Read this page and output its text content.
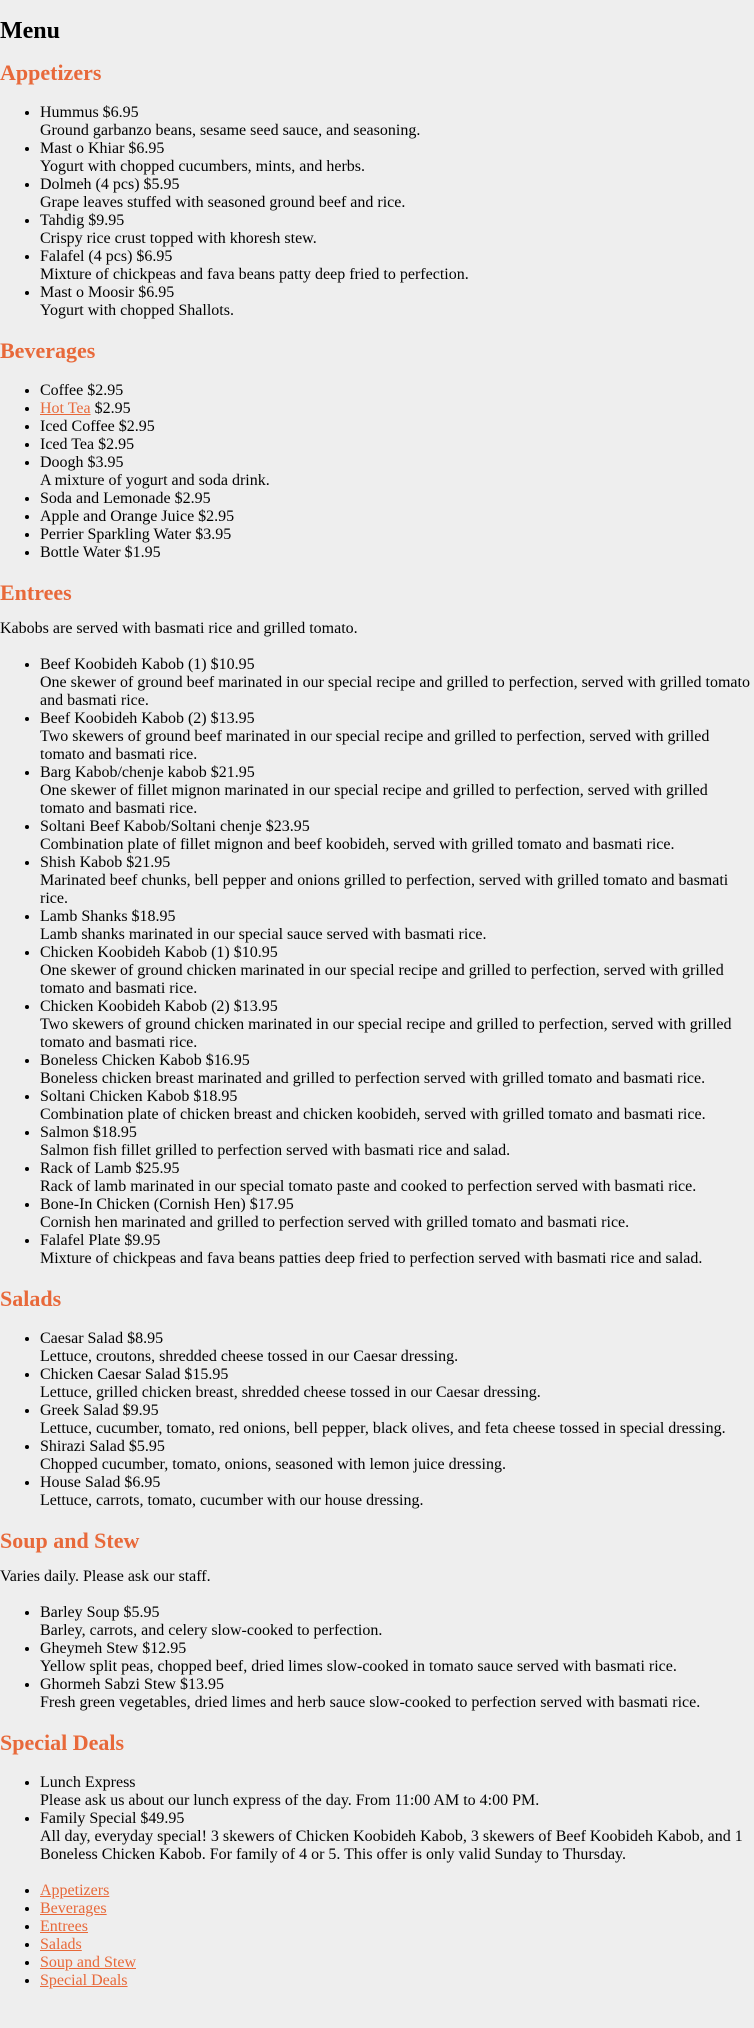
Menu
Appetizers
• Hummus $6.95
Ground garbanzo beans, sesame seed sauce, and seasoning.
• Mast o Khiar $6.95
Yogurt with chopped cucumbers, mints, and herbs.
• Dolmeh (4 pcs) $5.95
Grape leaves stuffed with seasoned ground beef and rice.
• Tahdig $9.95
Crispy rice crust topped with khoresh stew.
• Falafel (4 pcs) $6.95
Mixture of chickpeas and fava beans patty deep fried to perfection.
• Mast o Moosir $6.95
Yogurt with chopped Shallots.
Beverages
• Coffee $2.95
• Hot Tea $2.95
• Iced Coffee $2.95
• Iced Tea $2.95
• Doogh $3.95
A mixture of yogurt and soda drink.
• Soda and Lemonade $2.95
• Apple and Orange Juice $2.95
• Perrier Sparkling Water $3.95
• Bottle Water $1.95
Entrees

Kabobs are served with basmati rice and grilled tomato.

• Beef Koobideh Kabob (1) $10.95
One skewer of ground beef marinated in our special recipe and grilled to perfection, served with grilled tomato and basmati rice.
• Beef Koobideh Kabob (2) $13.95
Two skewers of ground beef marinated in our special recipe and grilled to perfection, served with grilled tomato and basmati rice.
• Barg Kabob/chenje kabob $21.95
One skewer of fillet mignon marinated in our special recipe and grilled to perfection, served with grilled tomato and basmati rice.
• Soltani Beef Kabob/Soltani chenje $23.95
Combination plate of fillet mignon and beef koobideh, served with grilled tomato and basmati rice.
• Shish Kabob $21.95
Marinated beef chunks, bell pepper and onions grilled to perfection, served with grilled tomato and basmati rice.
• Lamb Shanks $18.95
Lamb shanks marinated in our special sauce served with basmati rice.
• Chicken Koobideh Kabob (1) $10.95
One skewer of ground chicken marinated in our special recipe and grilled to perfection, served with grilled tomato and basmati rice.
• Chicken Koobideh Kabob (2) $13.95
Two skewers of ground chicken marinated in our special recipe and grilled to perfection, served with grilled tomato and basmati rice.
• Boneless Chicken Kabob $16.95
Boneless chicken breast marinated and grilled to perfection served with grilled tomato and basmati rice.
• Soltani Chicken Kabob $18.95
Combination plate of chicken breast and chicken koobideh, served with grilled tomato and basmati rice.
• Salmon $18.95
Salmon fish fillet grilled to perfection served with basmati rice and salad.
• Rack of Lamb $25.95
Rack of lamb marinated in our special tomato paste and cooked to perfection served with basmati rice.
• Bone-In Chicken (Cornish Hen) $17.95
Cornish hen marinated and grilled to perfection served with grilled tomato and basmati rice.
• Falafel Plate $9.95
Mixture of chickpeas and fava beans patties deep fried to perfection served with basmati rice and salad.
Salads
• Caesar Salad $8.95
Lettuce, croutons, shredded cheese tossed in our Caesar dressing.
• Chicken Caesar Salad $15.95
Lettuce, grilled chicken breast, shredded cheese tossed in our Caesar dressing.
• Greek Salad $9.95
Lettuce, cucumber, tomato, red onions, bell pepper, black olives, and feta cheese tossed in special dressing.
• Shirazi Salad $5.95
Chopped cucumber, tomato, onions, seasoned with lemon juice dressing.
• House Salad $6.95
Lettuce, carrots, tomato, cucumber with our house dressing.
Soup and Stew

Varies daily. Please ask our staff.

• Barley Soup $5.95
Barley, carrots, and celery slow-cooked to perfection.
• Gheymeh Stew $12.95
Yellow split peas, chopped beef, dried limes slow-cooked in tomato sauce served with basmati rice.
• Ghormeh Sabzi Stew $13.95
Fresh green vegetables, dried limes and herb sauce slow-cooked to perfection served with basmati rice.
Special Deals
• Lunch Express
Please ask us about our lunch express of the day. From 11:00 AM to 4:00 PM.
• Family Special $49.95
All day, everyday special! 3 skewers of Chicken Koobideh Kabob, 3 skewers of Beef Koobideh Kabob, and 1 Boneless Chicken Kabob. For family of 4 or 5. This offer is only valid Sunday to Thursday.
• Appetizers
• Beverages
• Entrees
• Salads
• Soup and Stew
• Special Deals
